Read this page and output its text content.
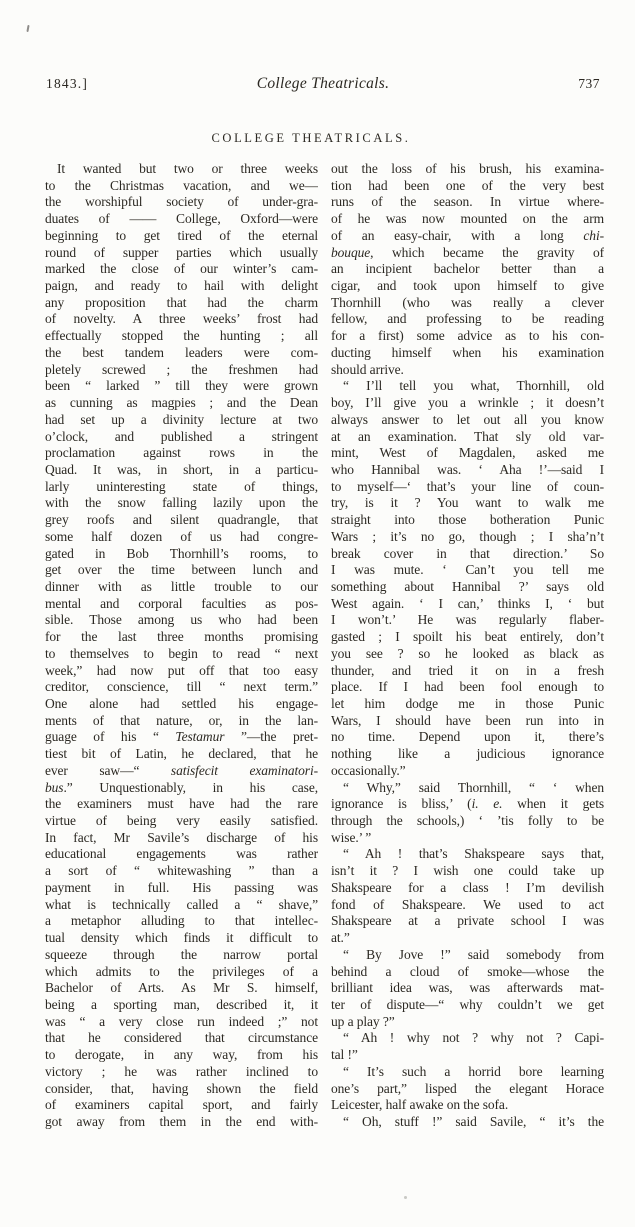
1843.]	College Theatricals.	737
COLLEGE THEATRICALS.
It wanted but two or three weeks
to the Christmas vacation, and we—
the worshipful society of under-gra-
duates of —— College, Oxford—were
beginning to get tired of the eternal
round of supper parties which usually
marked the close of our winter’s cam-
paign, and ready to hail with delight
any proposition that had the charm
of novelty. A three weeks’ frost had
effectually stopped the hunting ; all
the best tandem leaders were com-
pletely screwed ; the freshmen had
been “ larked ” till they were grown
as cunning as magpies ; and the Dean
had set up a divinity lecture at two
o’clock, and published a stringent
proclamation against rows in the
Quad. It was, in short, in a particu-
larly uninteresting state of things,
with the snow falling lazily upon the
grey roofs and silent quadrangle, that
some half dozen of us had congre-
gated in Bob Thornhill’s rooms, to
get over the time between lunch and
dinner with as little trouble to our
mental and corporal faculties as pos-
sible. Those among us who had been
for the last three months promising
to themselves to begin to read “ next
week,” had now put off that too easy
creditor, conscience, till “ next term.”
One alone had settled his engage-
ments of that nature, or, in the lan-
guage of his “ Testamur ”—the pret-
tiest bit of Latin, he declared, that he
ever saw—“ satisfecit examinatori-
bus.” Unquestionably, in his case,
the examiners must have had the rare
virtue of being very easily satisfied.
In fact, Mr Savile’s discharge of his
educational engagements was rather
a sort of “ whitewashing ” than a
payment in full. His passing was
what is technically called a “ shave,”
a metaphor alluding to that intellec-
tual density which finds it difficult to
squeeze through the narrow portal
which admits to the privileges of a
Bachelor of Arts. As Mr S. himself,
being a sporting man, described it, it
was “ a very close run indeed ;” not
that he considered that circumstance
to derogate, in any way, from his
victory ; he was rather inclined to
consider, that, having shown the field
of examiners capital sport, and fairly
got away from them in the end with-
out the loss of his brush, his examina-
tion had been one of the very best
runs of the season. In virtue where-
of he was now mounted on the arm
of an easy-chair, with a long chi-
bouque, which became the gravity of
an incipient bachelor better than a
cigar, and took upon himself to give
Thornhill (who was really a clever
fellow, and professing to be reading
for a first) some advice as to his con-
ducting himself when his examination
should arrive.
“ I’ll tell you what, Thornhill, old
boy, I’ll give you a wrinkle ; it doesn’t
always answer to let out all you know
at an examination. That sly old var-
mint, West of Magdalen, asked me
who Hannibal was. ‘ Aha !’—said I
to myself—‘ that’s your line of coun-
try, is it ? You want to walk me
straight into those botheration Punic
Wars ; it’s no go, though ; I sha’n’t
break cover in that direction.’ So
I was mute. ‘ Can’t you tell me
something about Hannibal ?’ says old
West again. ‘ I can,’ thinks I, ‘ but
I won’t.’ He was regularly flaber-
gasted ; I spoilt his beat entirely, don’t
you see ? so he looked as black as
thunder, and tried it on in a fresh
place. If I had been fool enough to
let him dodge me in those Punic
Wars, I should have been run into in
no time. Depend upon it, there’s
nothing like a judicious ignorance
occasionally.”
“ Why,” said Thornhill, “ ‘ when
ignorance is bliss,’ (i. e. when it gets
through the schools,) ‘ ’tis folly to be
wise.’ ”
“ Ah ! that’s Shakspeare says that,
isn’t it ? I wish one could take up
Shakspeare for a class ! I’m devilish
fond of Shakspeare. We used to act
Shakspeare at a private school I was
at.”
“ By Jove !” said somebody from
behind a cloud of smoke—whose the
brilliant idea was, was afterwards mat-
ter of dispute—“ why couldn’t we get
up a play ?”
“ Ah ! why not ? why not ? Capi-
tal !”
“ It’s such a horrid bore learning
one’s part,” lisped the elegant Horace
Leicester, half awake on the sofa.
“ Oh, stuff !” said Savile, “ it’s the
